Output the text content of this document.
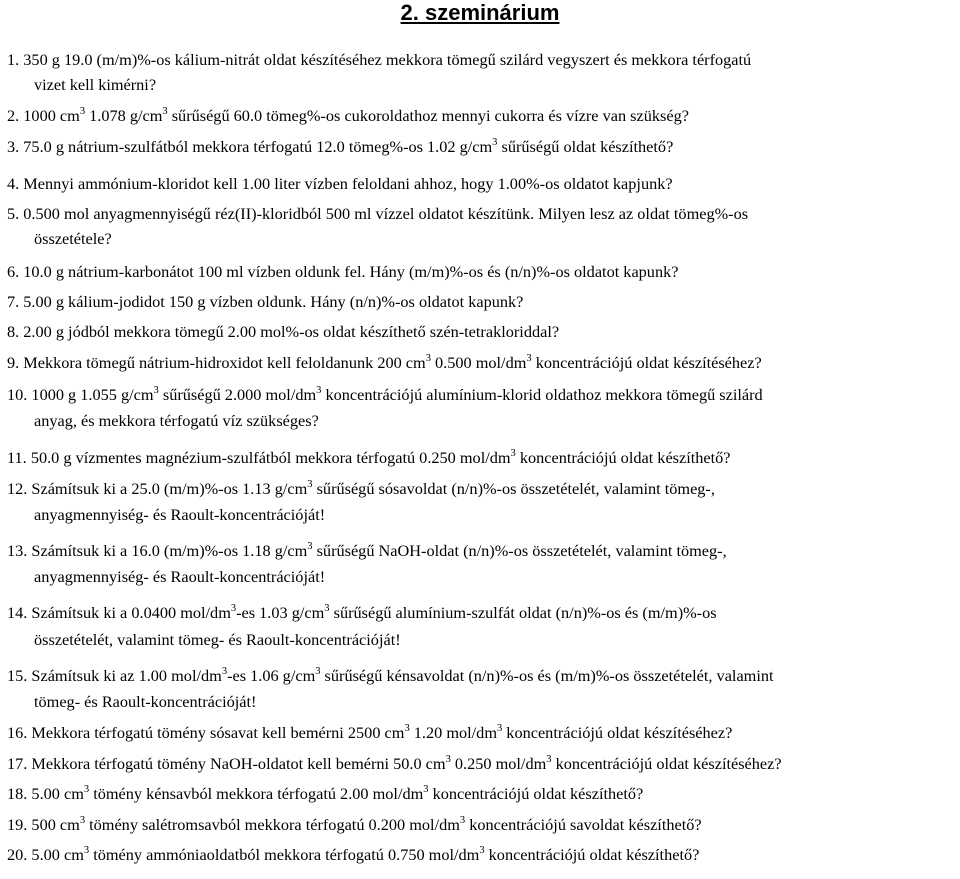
2. szeminárium
1. 350 g 19.0 (m/m)%-os kálium-nitrát oldat készítéséhez mekkora tömegű szilárd vegyszert és mekkora térfogatú
vizet kell kimérni?
2. 1000 $cm^3$ 1.078 $g/cm^3$ sűrűségű 60.0 tömeg%-os cukoroldathoz mennyi cukorra és vízre van szükség?
3. 75.0 g nátrium-szulfátból mekkora térfogatú 12.0 tömeg%-os 1.02 $g/cm^3$ sűrűségű oldat készíthető?
4. Mennyi ammónium-kloridot kell 1.00 liter vízben feloldani ahhoz, hogy 1.00%-os oldatot kapjunk?
5. 0.500 mol anyagmennyiségű réz(II)-kloridból 500 ml vízzel oldatot készítünk. Milyen lesz az oldat tömeg%-os
összetétele?
6. 10.0 g nátrium-karbonátot 100 ml vízben oldunk fel. Hány (m/m)%-os és (n/n)%-os oldatot kapunk?
7. 5.00 g kálium-jodidot 150 g vízben oldunk. Hány (n/n)%-os oldatot kapunk?
8. 2.00 g jódból mekkora tömegű 2.00 mol%-os oldat készíthető szén-tetrakloriddal?
9. Mekkora tömegű nátrium-hidroxidot kell feloldanunk 200 $cm^3$ 0.500 mol/$dm^3$ koncentrációjú oldat készítéséhez?
10. 1000 g 1.055 $g/cm^3$ sűrűségű 2.000 mol/$dm^3$ koncentrációjú alumínium-klorid oldathoz mekkora tömegű szilárd
anyag, és mekkora térfogatú víz szükséges?
11. 50.0 g vízmentes magnézium-szulfátból mekkora térfogatú 0.250 mol/$dm^3$ koncentrációjú oldat készíthető?
12. Számítsuk ki a 25.0 (m/m)%-os 1.13 $g/cm^3$ sűrűségű sósavoldat (n/n)%-os összetételét, valamint tömeg-,
anyagmennyiség- és Raoult-koncentrációját!
13. Számítsuk ki a 16.0 (m/m)%-os 1.18 $g/cm^3$ sűrűségű NaOH-oldat (n/n)%-os összetételét, valamint tömeg-,
anyagmennyiség- és Raoult-koncentrációját!
14. Számítsuk ki a 0.0400 mol/$dm^3-es$ 1.03 $g/cm^3$ sűrűségű alumínium-szulfát oldat (n/n)%-os és (m/m)%-os
összetételét, valamint tömeg- és Raoult-koncentrációját!
15. Számítsuk ki az 1.00 mol/$dm^3-es$ 1.06 $g/cm^3$ sűrűségű kénsavoldat (n/n)%-os és (m/m)%-os összetételét, valamint
tömeg- és Raoult-koncentrációját!
16. Mekkora térfogatú tömény sósavat kell bemérni 2500 $cm^3$ 1.20 mol/$dm^3$ koncentrációjú oldat készítéséhez?
17. Mekkora térfogatú tömény NaOH-oldatot kell bemérni 50.0 $cm^3$ 0.250 mol/$dm^3$ koncentrációjú oldat készítéséhez?
18. 5.00 $cm^3$ tömény kénsavból mekkora térfogatú 2.00 mol/$dm^3$ koncentrációjú oldat készíthető?
19. 500 $cm^3$ tömény salétromsavból mekkora térfogatú 0.200 mol/$dm^3$ koncentrációjú savoldat készíthető?
20. 5.00 $cm^3$ tömény ammóniaoldatból mekkora térfogatú 0.750 mol/$dm^3$ koncentrációjú oldat készíthető?
